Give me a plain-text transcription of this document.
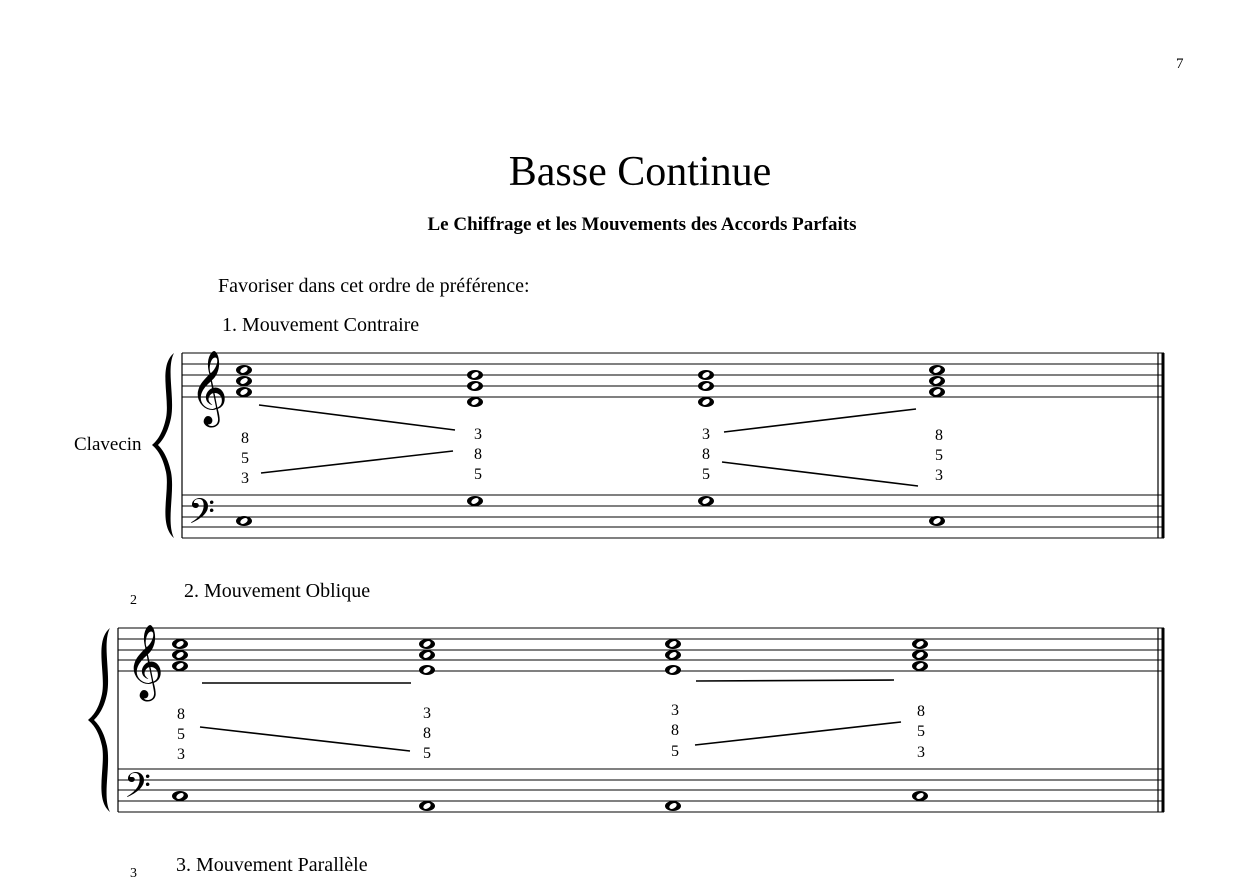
7
Basse Continue
Le Chiffrage et les Mouvements des Accords Parfaits
Favoriser dans cet ordre de préférence:
Clavecin
1. Mouvement Contraire
2 2. Mouvement Oblique
3 3. Mouvement Parallèle
𝄞
𝄢
8
5
3
3
8
5
3
8
5
8
5
3
𝄞
𝄢
8
5
3
3
8
5
3
8
5
8
5
3
